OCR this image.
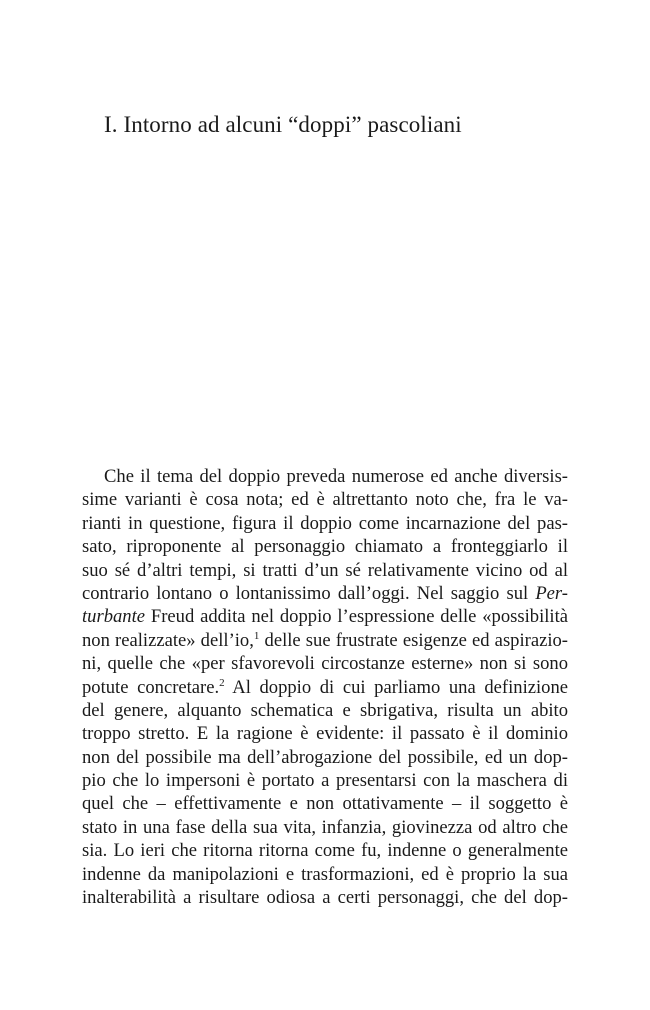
I. Intorno ad alcuni “doppi” pascoliani
Che il tema del doppio preveda numerose ed anche diversis-
sime varianti è cosa nota; ed è altrettanto noto che, fra le va-
rianti in questione, figura il doppio come incarnazione del pas-
sato, riproponente al personaggio chiamato a fronteggiarlo il
suo sé d’altri tempi, si tratti d’un sé relativamente vicino od al
contrario lontano o lontanissimo dall’oggi. Nel saggio sul Per-
turbante Freud addita nel doppio l’espressione delle «possibilità
non realizzate» dell’io,$^1$ delle sue frustrate esigenze ed aspirazio-
ni, quelle che «per sfavorevoli circostanze esterne» non si sono
potute concretare.$^2$ Al doppio di cui parliamo una definizione
del genere, alquanto schematica e sbrigativa, risulta un abito
troppo stretto. E la ragione è evidente: il passato è il dominio
non del possibile ma dell’abrogazione del possibile, ed un dop-
pio che lo impersoni è portato a presentarsi con la maschera di
quel che – effettivamente e non ottativamente – il soggetto è
stato in una fase della sua vita, infanzia, giovinezza od altro che
sia. Lo ieri che ritorna ritorna come fu, indenne o generalmente
indenne da manipolazioni e trasformazioni, ed è proprio la sua
inalterabilità a risultare odiosa a certi personaggi, che del dop-
